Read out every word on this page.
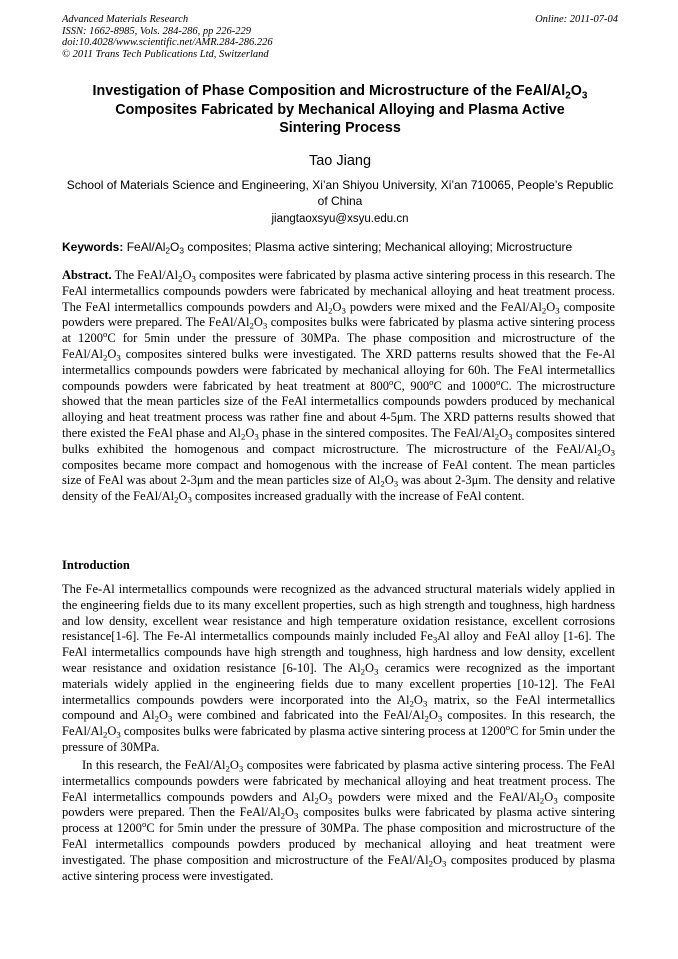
Advanced Materials Research
ISSN: 1662-8985, Vols. 284-286, pp 226-229
doi:10.4028/www.scientific.net/AMR.284-286.226
© 2011 Trans Tech Publications Ltd, Switzerland
Online: 2011-07-04
Investigation of Phase Composition and Microstructure of the FeAl/$Al_2O_3$
Composites Fabricated by Mechanical Alloying and Plasma Active
Sintering Process
Tao Jiang
School of Materials Science and Engineering, Xi’an Shiyou University, Xi’an 710065, People’s Republic of China
jiangtaoxsyu@xsyu.edu.cn
Keywords: FeAl/$Al_2O_3$ composites; Plasma active sintering; Mechanical alloying; Microstructure
Abstract. The FeAl/$Al_2O_3$ composites were fabricated by plasma active sintering process in this research. The FeAl intermetallics compounds powders were fabricated by mechanical alloying and heat treatment process. The FeAl intermetallics compounds powders and $Al_2O_3$ powders were mixed and the FeAl/$Al_2O_3$ composite powders were prepared. The FeAl/$Al_2O_3$ composites bulks were fabricated by plasma active sintering process at 1200$^o$C for 5min under the pressure of 30MPa. The phase composition and microstructure of the FeAl/$Al_2O_3$ composites sintered bulks were investigated. The XRD patterns results showed that the Fe-Al intermetallics compounds powders were fabricated by mechanical alloying for 60h. The FeAl intermetallics compounds powders were fabricated by heat treatment at 800$^o$C, 900$^o$C and 1000$^o$C. The microstructure showed that the mean particles size of the FeAl intermetallics compounds powders produced by mechanical alloying and heat treatment process was rather fine and about 4-5μm. The XRD patterns results showed that there existed the FeAl phase and $Al_2O_3$ phase in the sintered composites. The FeAl/$Al_2O_3$ composites sintered bulks exhibited the homogenous and compact microstructure. The microstructure of the FeAl/$Al_2O_3$ composites became more compact and homogenous with the increase of FeAl content. The mean particles size of FeAl was about 2-3μm and the mean particles size of $Al_2O_3$ was about 2-3μm. The density and relative density of the FeAl/$Al_2O_3$ composites increased gradually with the increase of FeAl content.
Introduction
The Fe-Al intermetallics compounds were recognized as the advanced structural materials widely applied in the engineering fields due to its many excellent properties, such as high strength and toughness, high hardness and low density, excellent wear resistance and high temperature oxidation resistance, excellent corrosions resistance[1-6]. The Fe-Al intermetallics compounds mainly included $Fe_3Al$ alloy and FeAl alloy [1-6]. The FeAl intermetallics compounds have high strength and toughness, high hardness and low density, excellent wear resistance and oxidation resistance [6-10]. The $Al_2O_3$ ceramics were recognized as the important materials widely applied in the engineering fields due to many excellent properties [10-12]. The FeAl intermetallics compounds powders were incorporated into the $Al_2O_3$ matrix, so the FeAl intermetallics compound and $Al_2O_3$ were combined and fabricated into the FeAl/$Al_2O_3$ composites. In this research, the FeAl/$Al_2O_3$ composites bulks were fabricated by plasma active sintering process at 1200$^o$C for 5min under the pressure of 30MPa.
In this research, the FeAl/$Al_2O_3$ composites were fabricated by plasma active sintering process. The FeAl intermetallics compounds powders were fabricated by mechanical alloying and heat treatment process. The FeAl intermetallics compounds powders and $Al_2O_3$ powders were mixed and the FeAl/$Al_2O_3$ composite powders were prepared. Then the FeAl/$Al_2O_3$ composites bulks were fabricated by plasma active sintering process at 1200$^o$C for 5min under the pressure of 30MPa. The phase composition and microstructure of the FeAl intermetallics compounds powders produced by mechanical alloying and heat treatment were investigated. The phase composition and microstructure of the FeAl/$Al_2O_3$ composites produced by plasma active sintering process were investigated.
